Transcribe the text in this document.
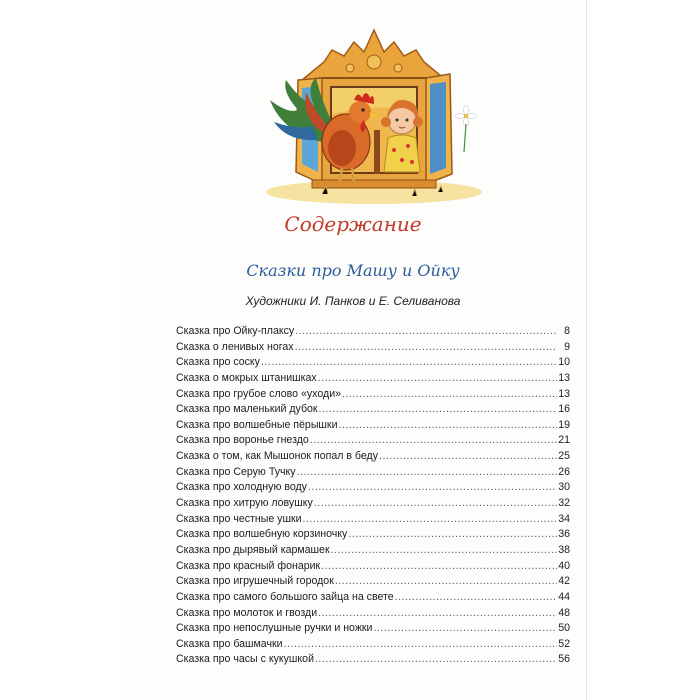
Содержание
Сказки про Машу и Ойку
Художники И. Панков и Е. Селиванова
Сказка про Ойку-плаксу .....	8
Сказка о ленивых ногах .....	9
Сказка про соску .....	10
Сказка о мокрых штанишках .....	13
Сказка про грубое слово «уходи» .....	13
Сказка про маленький дубок .....	16
Сказка про волшебные пёрышки .....	19
Сказка про воронье гнездо .....	21
Сказка о том, как Мышонок попал в беду .....	25
Сказка про Серую Тучку .....	26
Сказка про холодную воду .....	30
Сказка про хитрую ловушку .....	32
Сказка про честные ушки .....	34
Сказка про волшебную корзиночку .....	36
Сказка про дырявый кармашек .....	38
Сказка про красный фонарик .....	40
Сказка про игрушечный городок .....	42
Сказка про самого большого зайца на свете .....	44
Сказка про молоток и гвозди .....	48
Сказка про непослушные ручки и ножки .....	50
Сказка про башмачки .....	52
Сказка про часы с кукушкой .....	56
